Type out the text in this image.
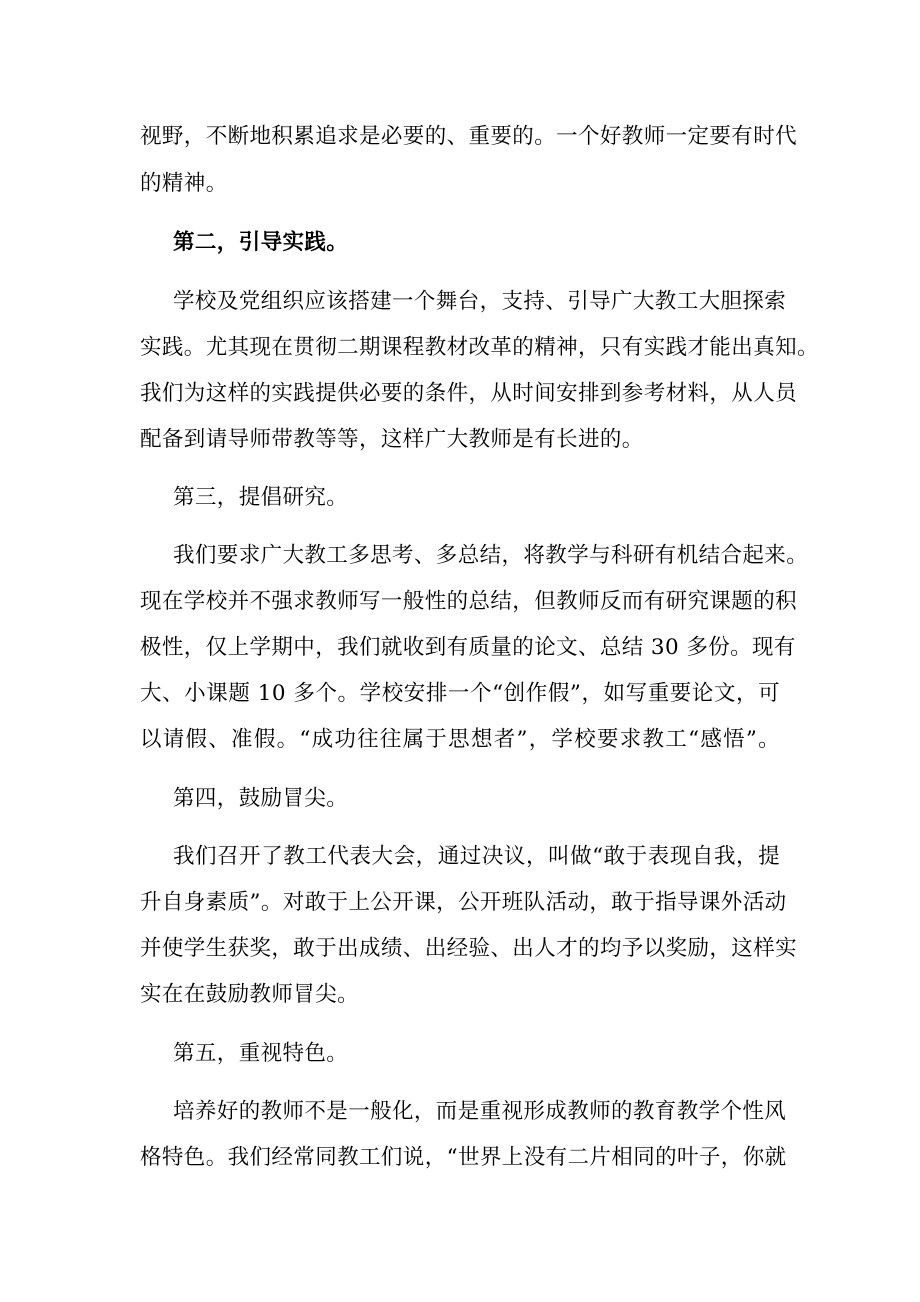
视野，不断地积累追求是必要的、重要的。一个好教师一定要有时代
的精神。
第二，引导实践。
学校及党组织应该搭建一个舞台，支持、引导广大教工大胆探索
实践。尤其现在贯彻二期课程教材改革的精神，只有实践才能出真知。
我们为这样的实践提供必要的条件，从时间安排到参考材料，从人员
配备到请导师带教等等，这样广大教师是有长进的。
第三，提倡研究。
我们要求广大教工多思考、多总结，将教学与科研有机结合起来。
现在学校并不强求教师写一般性的总结，但教师反而有研究课题的积
极性，仅上学期中，我们就收到有质量的论文、总结 30 多份。现有
大、小课题 10 多个。学校安排一个“创作假”，如写重要论文，可
以请假、准假。“成功往往属于思想者”，学校要求教工“感悟”。
第四，鼓励冒尖。
我们召开了教工代表大会，通过决议，叫做“敢于表现自我，提
升自身素质”。对敢于上公开课，公开班队活动，敢于指导课外活动
并使学生获奖，敢于出成绩、出经验、出人才的均予以奖励，这样实
实在在鼓励教师冒尖。
第五，重视特色。
培养好的教师不是一般化，而是重视形成教师的教育教学个性风
格特色。我们经常同教工们说，“世界上没有二片相同的叶子，你就
